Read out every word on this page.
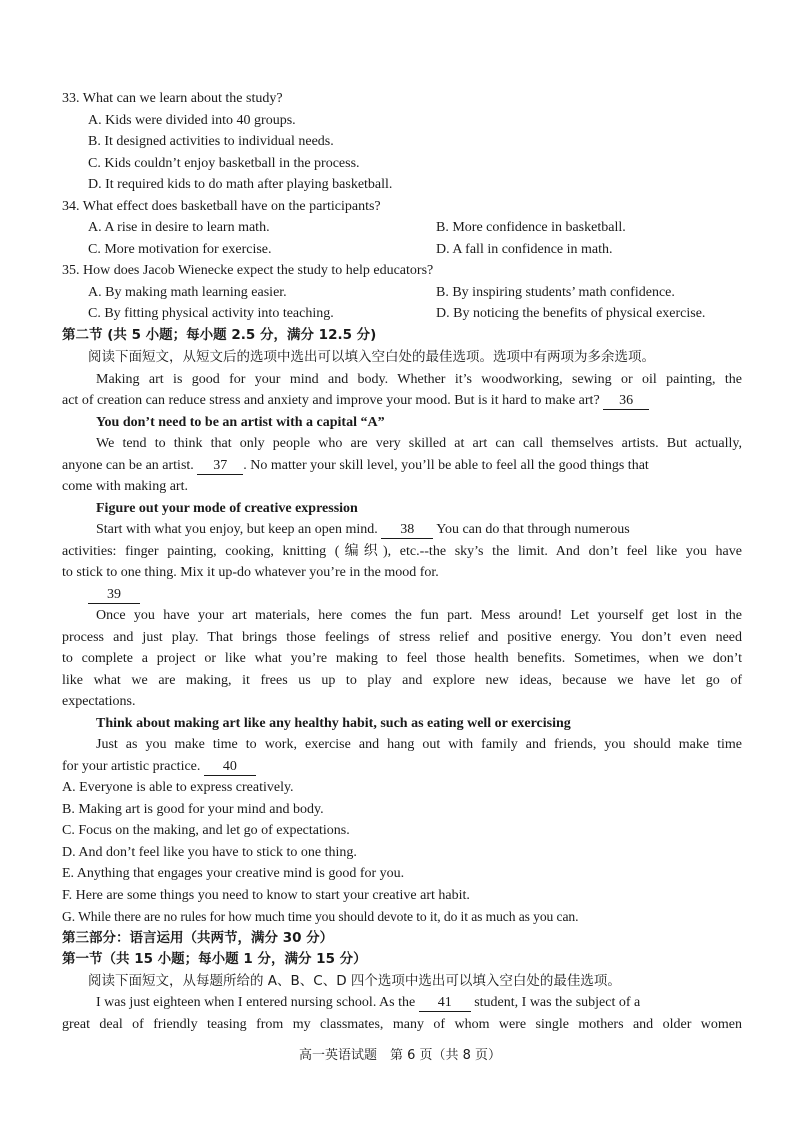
33. What can we learn about the study?
A. Kids were divided into 40 groups.
B. It designed activities to individual needs.
C. Kids couldn’t enjoy basketball in the process.
D. It required kids to do math after playing basketball.
34. What effect does basketball have on the participants?
A. A rise in desire to learn math.	B. More confidence in basketball.
C. More motivation for exercise.	D. A fall in confidence in math.
35. How does Jacob Wienecke expect the study to help educators?
A. By making math learning easier.	B. By inspiring students’ math confidence.
C. By fitting physical activity into teaching.	D. By noticing the benefits of physical exercise.
第二节 (共 5 小题；每小题 2.5 分，满分 12.5 分)
阅读下面短文，从短文后的选项中选出可以填入空白处的最佳选项。选项中有两项为多余选项。
Making art is good for your mind and body. Whether it’s woodworking, sewing or oil painting, the
act of creation can reduce stress and anxiety and improve your mood. But is it hard to make art? 36
You don’t need to be an artist with a capital “A”
We tend to think that only people who are very skilled at art can call themselves artists. But actually,
anyone can be an artist. 37 . No matter your skill level, you’ll be able to feel all the good things that
come with making art.
Figure out your mode of creative expression
Start with what you enjoy, but keep an open mind. 38 You can do that through numerous
activities: finger painting, cooking, knitting (编织), etc.--the sky’s the limit. And don’t feel like you have
to stick to one thing. Mix it up-do whatever you’re in the mood for.
39
Once you have your art materials, here comes the fun part. Mess around! Let yourself get lost in the
process and just play. That brings those feelings of stress relief and positive energy. You don’t even need
to complete a project or like what you’re making to feel those health benefits. Sometimes, when we don’t
like what we are making, it frees us up to play and explore new ideas, because we have let go of
expectations.
Think about making art like any healthy habit, such as eating well or exercising
Just as you make time to work, exercise and hang out with family and friends, you should make time
for your artistic practice. 40
A. Everyone is able to express creatively.
B. Making art is good for your mind and body.
C. Focus on the making, and let go of expectations.
D. And don’t feel like you have to stick to one thing.
E. Anything that engages your creative mind is good for you.
F. Here are some things you need to know to start your creative art habit.
G. While there are no rules for how much time you should devote to it, do it as much as you can.
第三部分：语言运用（共两节，满分 30 分）
第一节（共 15 小题；每小题 1 分，满分 15 分）
阅读下面短文，从每题所给的 A、B、C、D 四个选项中选出可以填入空白处的最佳选项。
I was just eighteen when I entered nursing school. As the 41 student, I was the subject of a
great deal of friendly teasing from my classmates, many of whom were single mothers and older women
高一英语试题　第 6 页（共 8 页）
